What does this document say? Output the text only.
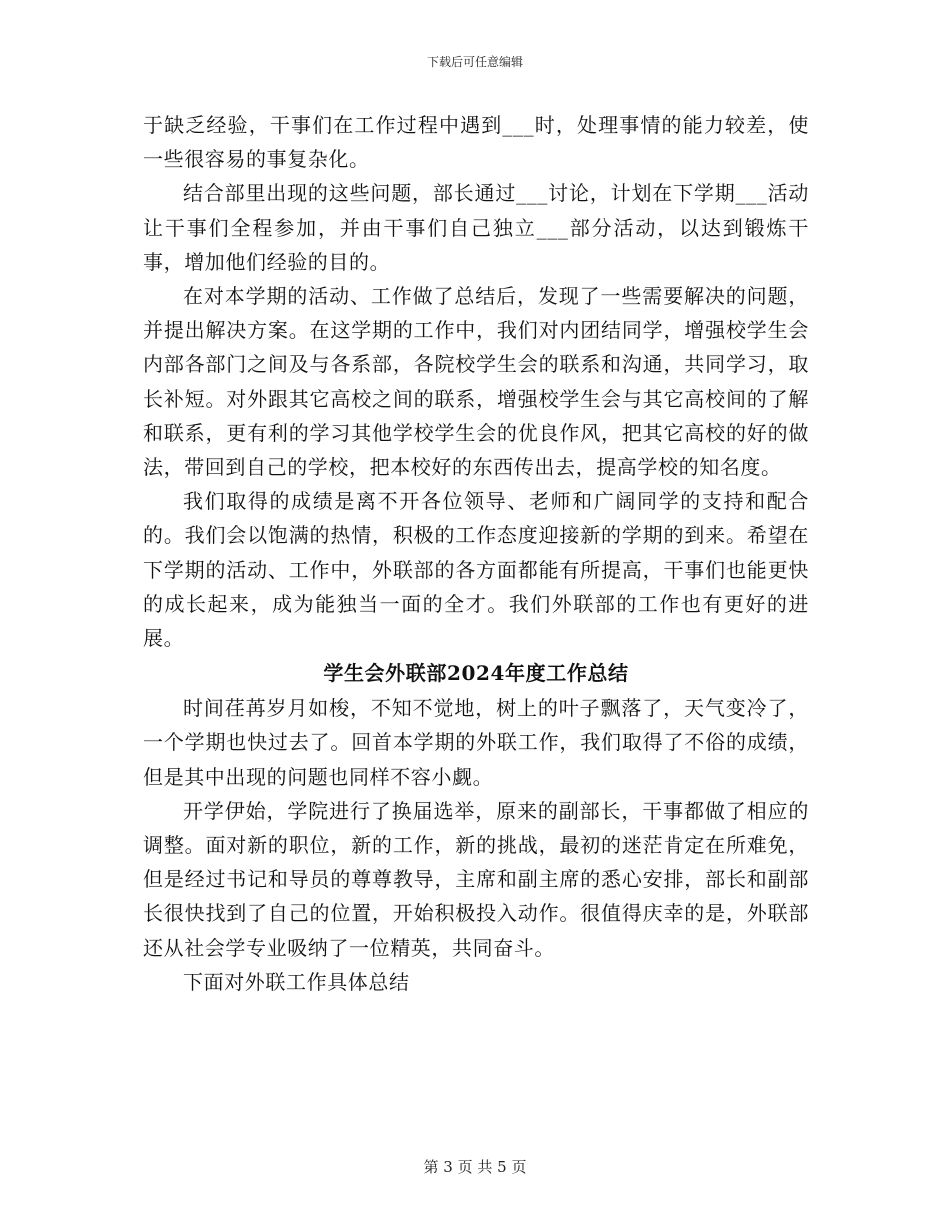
下载后可任意编辑

于缺乏经验，干事们在工作过程中遇到___时，处理事情的能力较差，使一些很容易的事复杂化。

结合部里出现的这些问题，部长通过___讨论，计划在下学期___活动让干事们全程参加，并由干事们自己独立___部分活动，以达到锻炼干事，增加他们经验的目的。

在对本学期的活动、工作做了总结后，发现了一些需要解决的问题，并提出解决方案。在这学期的工作中，我们对内团结同学，增强校学生会内部各部门之间及与各系部，各院校学生会的联系和沟通，共同学习，取长补短。对外跟其它高校之间的联系，增强校学生会与其它高校间的了解和联系，更有利的学习其他学校学生会的优良作风，把其它高校的好的做法，带回到自己的学校，把本校好的东西传出去，提高学校的知名度。

我们取得的成绩是离不开各位领导、老师和广阔同学的支持和配合的。我们会以饱满的热情，积极的工作态度迎接新的学期的到来。希望在下学期的活动、工作中，外联部的各方面都能有所提高，干事们也能更快的成长起来，成为能独当一面的全才。我们外联部的工作也有更好的进展。

学生会外联部2024年度工作总结

时间荏苒岁月如梭，不知不觉地，树上的叶子飘落了，天气变冷了，一个学期也快过去了。回首本学期的外联工作，我们取得了不俗的成绩，但是其中出现的问题也同样不容小觑。

开学伊始，学院进行了换届选举，原来的副部长，干事都做了相应的调整。面对新的职位，新的工作，新的挑战，最初的迷茫肯定在所难免，但是经过书记和导员的尊尊教导，主席和副主席的悉心安排，部长和副部长很快找到了自己的位置，开始积极投入动作。很值得庆幸的是，外联部还从社会学专业吸纳了一位精英，共同奋斗。

下面对外联工作具体总结

第 3 页 共 5 页
